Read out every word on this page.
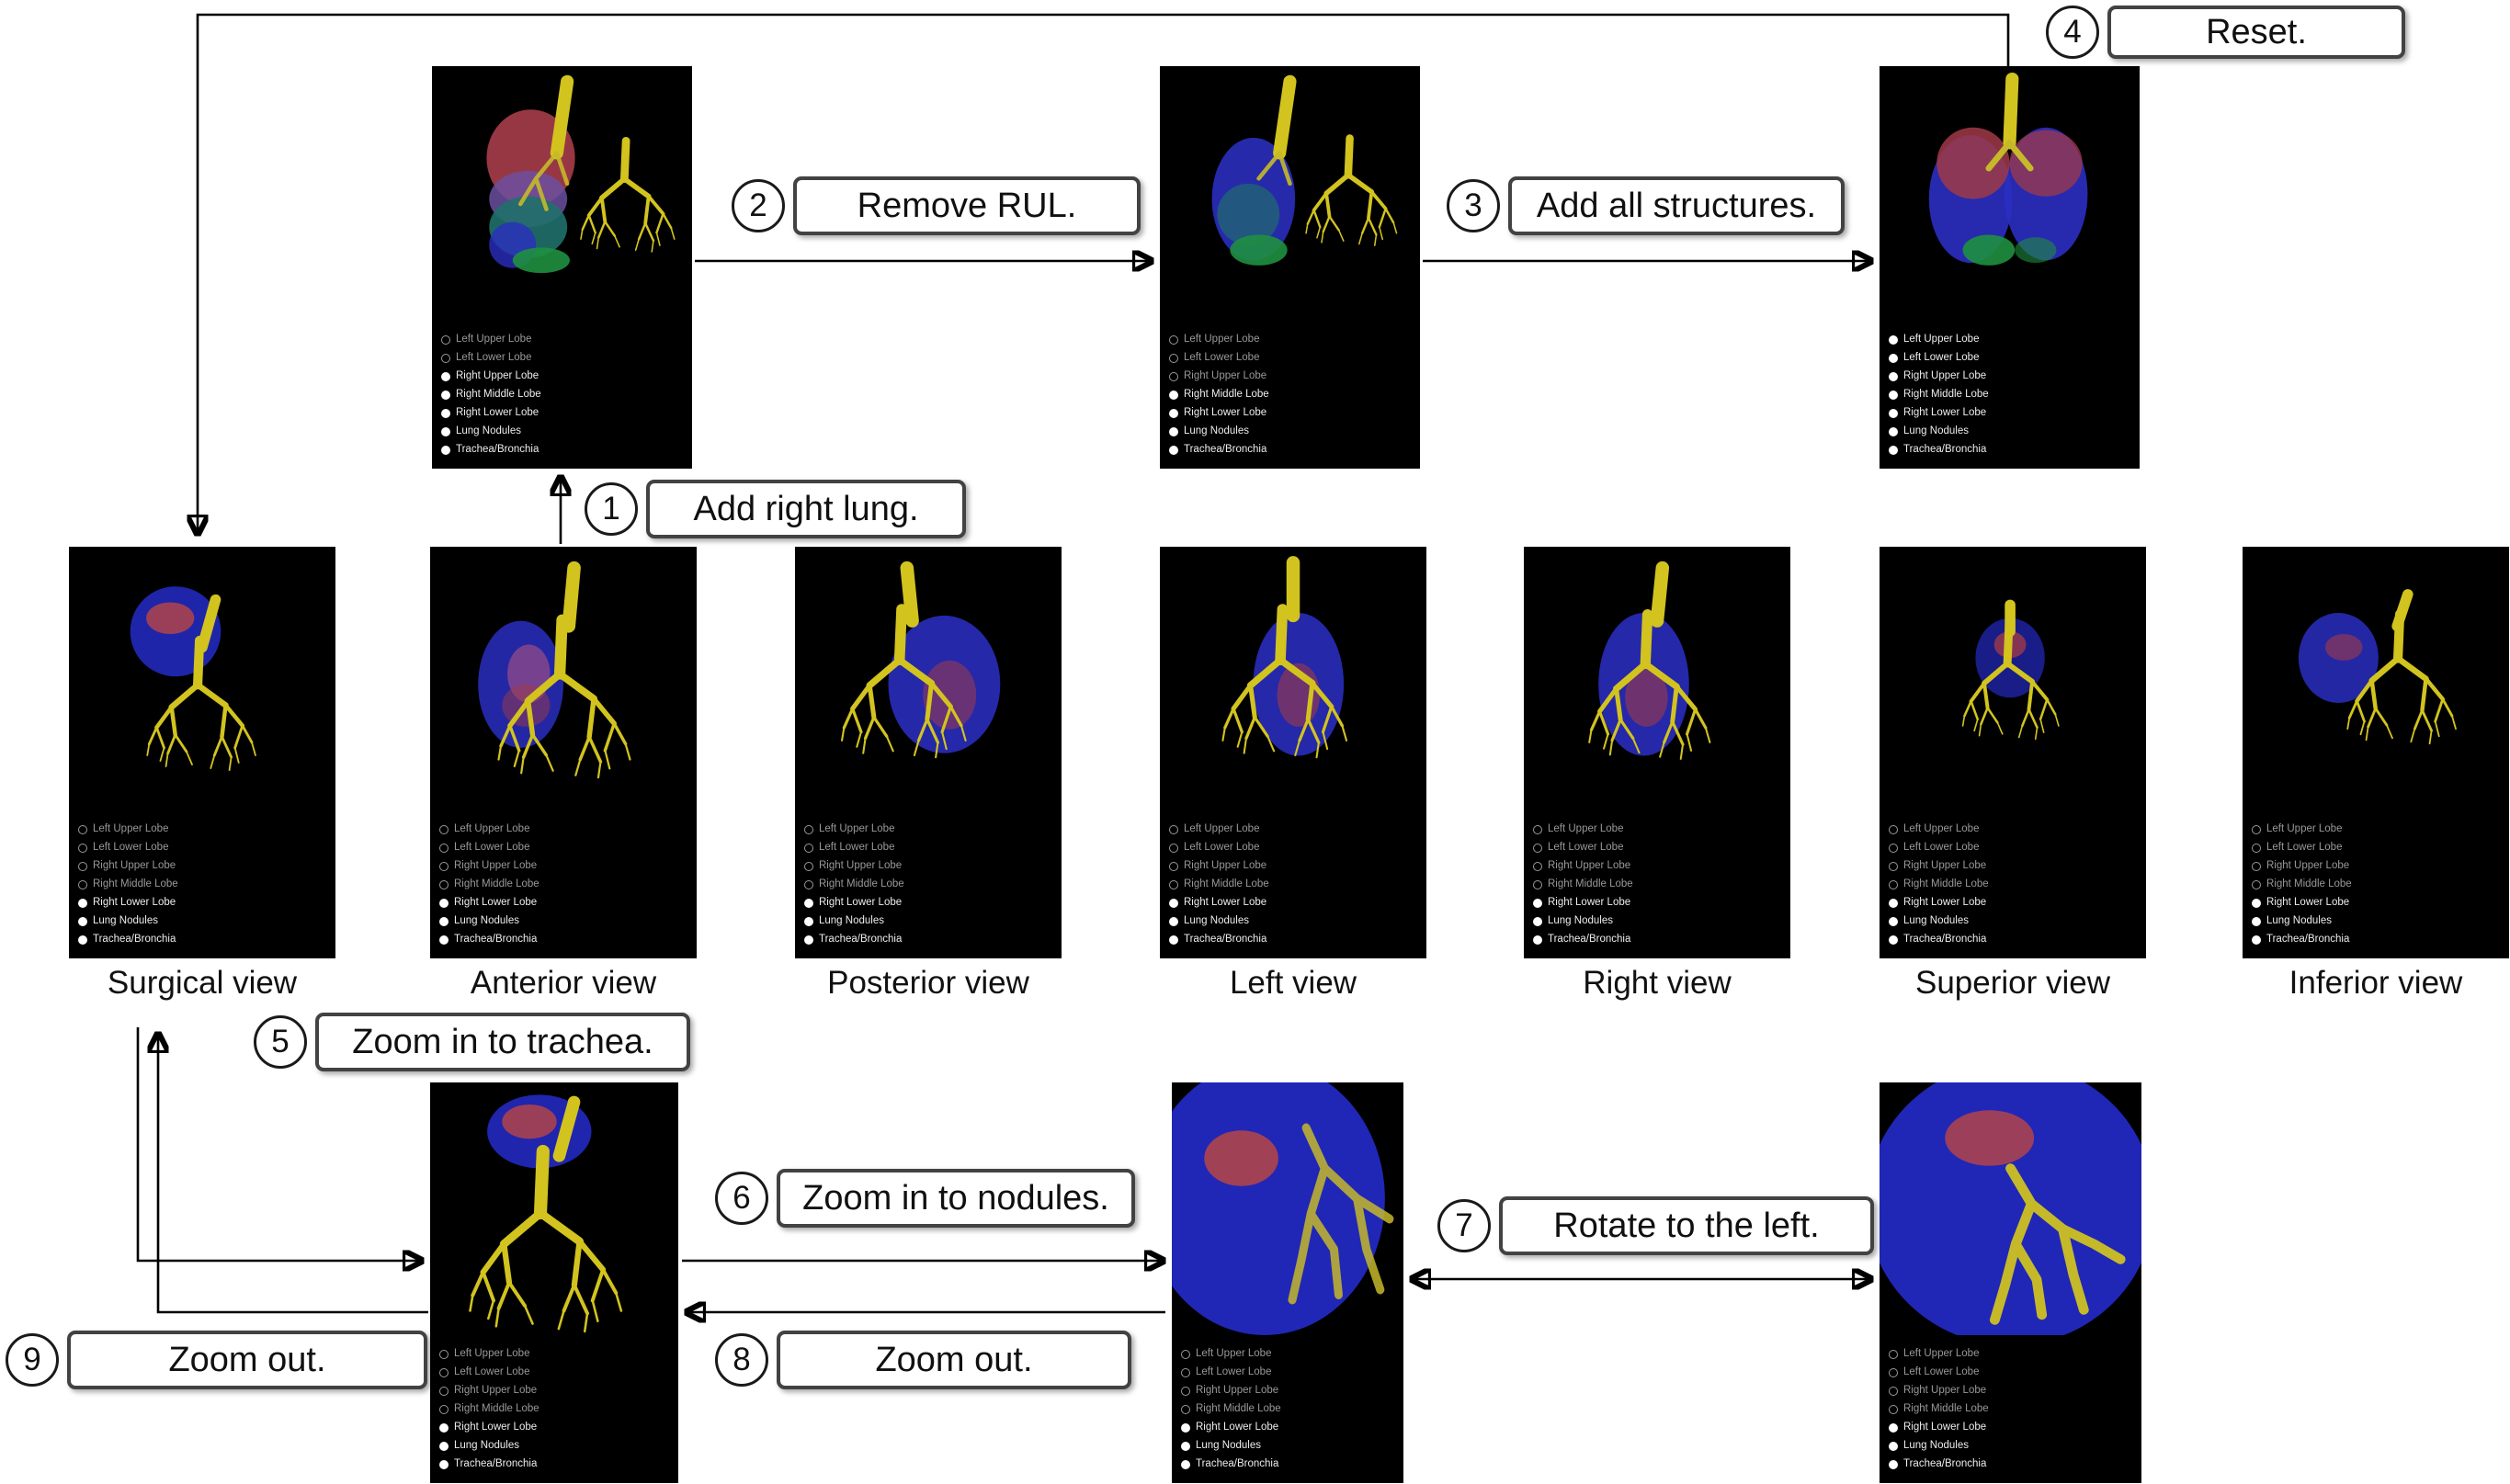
Left Upper Lobe
Left Lower Lobe
Right Upper Lobe
Right Middle Lobe
Right Lower Lobe
Lung Nodules
Trachea/Bronchia
Left Upper Lobe
Left Lower Lobe
Right Upper Lobe
Right Middle Lobe
Right Lower Lobe
Lung Nodules
Trachea/Bronchia
Left Upper Lobe
Left Lower Lobe
Right Upper Lobe
Right Middle Lobe
Right Lower Lobe
Lung Nodules
Trachea/Bronchia
Left Upper Lobe
Left Lower Lobe
Right Upper Lobe
Right Middle Lobe
Right Lower Lobe
Lung Nodules
Trachea/Bronchia
Left Upper Lobe
Left Lower Lobe
Right Upper Lobe
Right Middle Lobe
Right Lower Lobe
Lung Nodules
Trachea/Bronchia
Left Upper Lobe
Left Lower Lobe
Right Upper Lobe
Right Middle Lobe
Right Lower Lobe
Lung Nodules
Trachea/Bronchia
Left Upper Lobe
Left Lower Lobe
Right Upper Lobe
Right Middle Lobe
Right Lower Lobe
Lung Nodules
Trachea/Bronchia
Left Upper Lobe
Left Lower Lobe
Right Upper Lobe
Right Middle Lobe
Right Lower Lobe
Lung Nodules
Trachea/Bronchia
Left Upper Lobe
Left Lower Lobe
Right Upper Lobe
Right Middle Lobe
Right Lower Lobe
Lung Nodules
Trachea/Bronchia
Left Upper Lobe
Left Lower Lobe
Right Upper Lobe
Right Middle Lobe
Right Lower Lobe
Lung Nodules
Trachea/Bronchia
Surgical view	Anterior view	Posterior view	Left view	Right view	Superior view	Inferior view
Left Upper Lobe
Left Lower Lobe
Right Upper Lobe
Right Middle Lobe
Right Lower Lobe
Lung Nodules
Trachea/Bronchia
Left Upper Lobe
Left Lower Lobe
Right Upper Lobe
Right Middle Lobe
Right Lower Lobe
Lung Nodules
Trachea/Bronchia
Left Upper Lobe
Left Lower Lobe
Right Upper Lobe
Right Middle Lobe
Right Lower Lobe
Lung Nodules
Trachea/Bronchia
1	Add right lung.
2	Remove RUL.	3	Add all structures.
4	Reset.
5	Zoom in to trachea.
6	Zoom in to nodules.
7	Rotate to the left.
8	Zoom out.
9	Zoom out.
